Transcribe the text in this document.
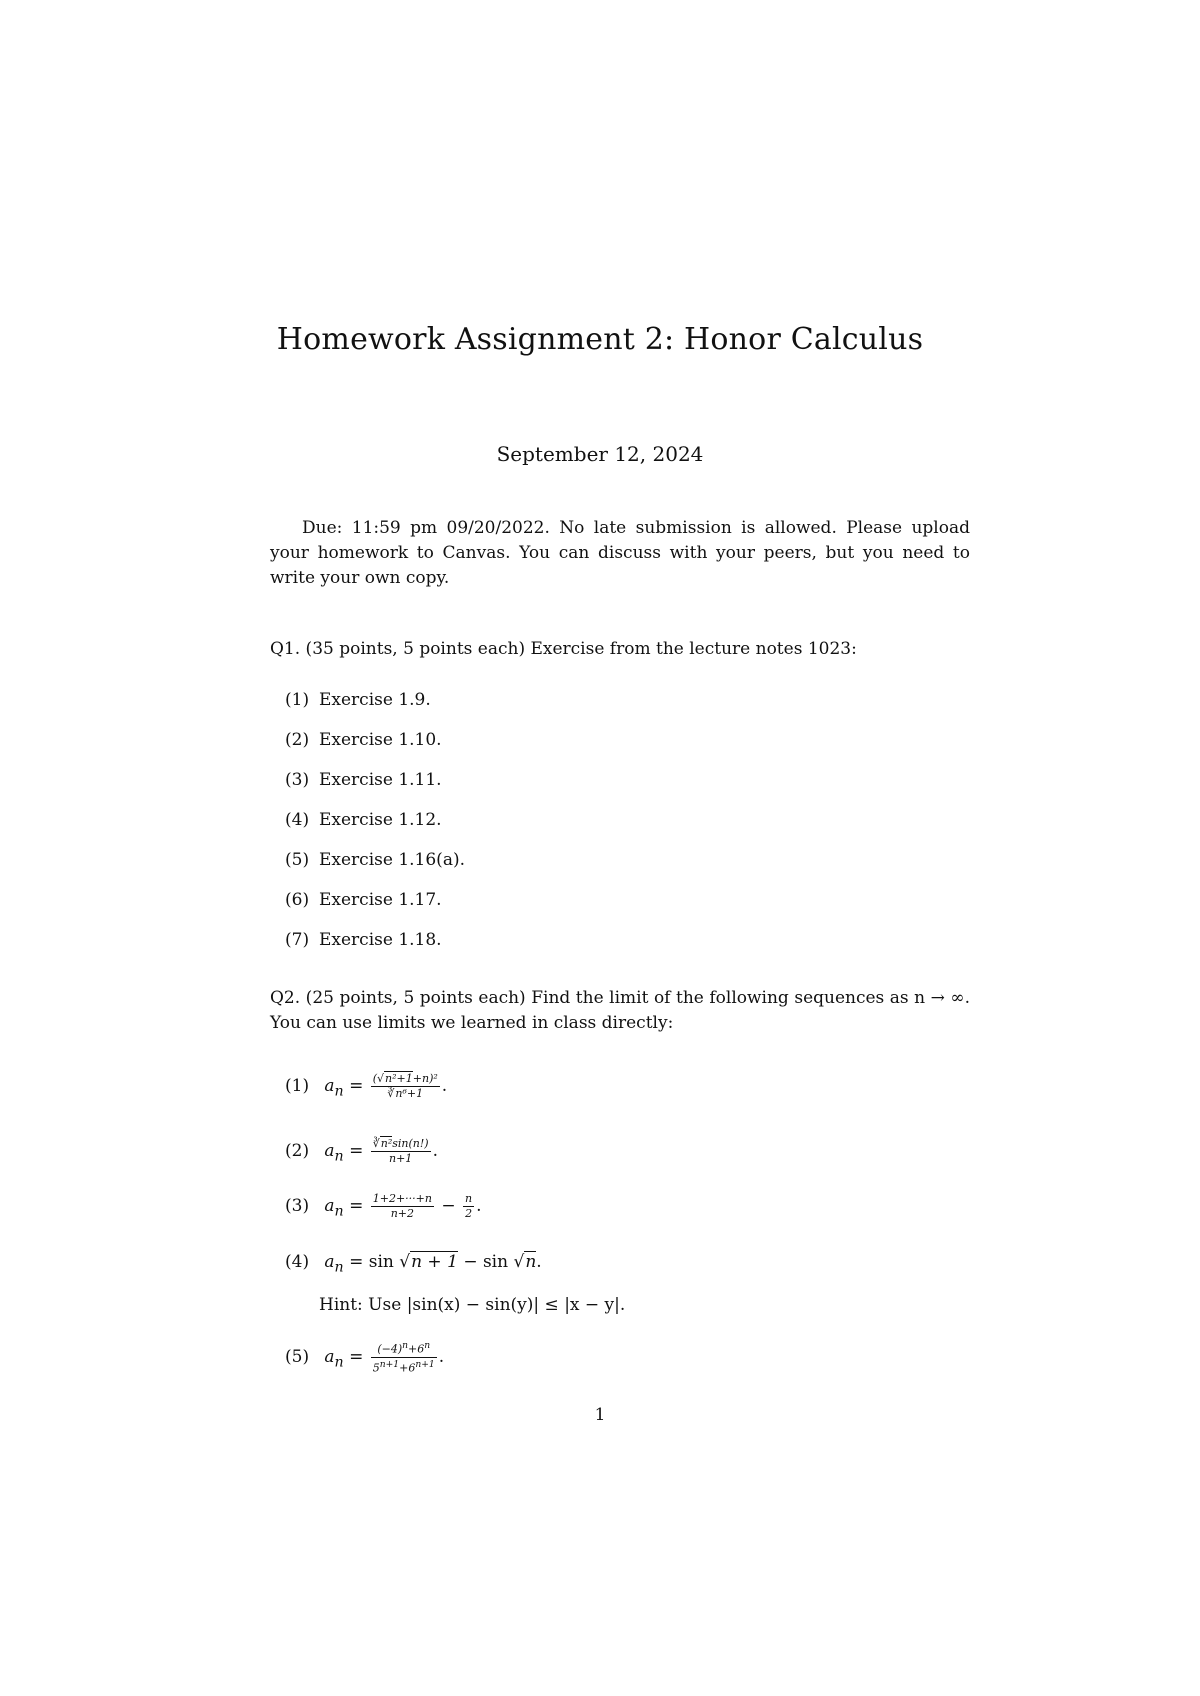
Homework Assignment 2: Honor Calculus
September 12, 2024
Due: 11:59 pm 09/20/2022. No late submission is allowed. Please upload your homework to Canvas. You can discuss with your peers, but you need to write your own copy.
Q1. (35 points, 5 points each) Exercise from the lecture notes 1023:
(1) Exercise 1.9.
(2) Exercise 1.10.
(3) Exercise 1.11.
(4) Exercise 1.12.
(5) Exercise 1.16(a).
(6) Exercise 1.17.
(7) Exercise 1.18.
Q2. (25 points, 5 points each) Find the limit of the following sequences as n → ∞. You can use limits we learned in class directly:
(1) $a_n = \frac{\text{(√n²+1+n)²}}{\text{∛n⁶+1}}$ .
(2) $a_n = \frac{\text{∛n²sin(n!)}}{n+1}$ .
(3) $a_n = \frac{1+2+\cdot\cdot\cdot+n}{n+2} - \frac{n}{2}$ .
(4) $a_n = \sin √n + 1 - \sin √n$.
Hint: Use |sin(x) − sin(y)| ≤ |x − y|.
(5) $a_n = \frac{(-4)^n+6^n}{5^{n+1}+6^{n+1}}$ .
1
